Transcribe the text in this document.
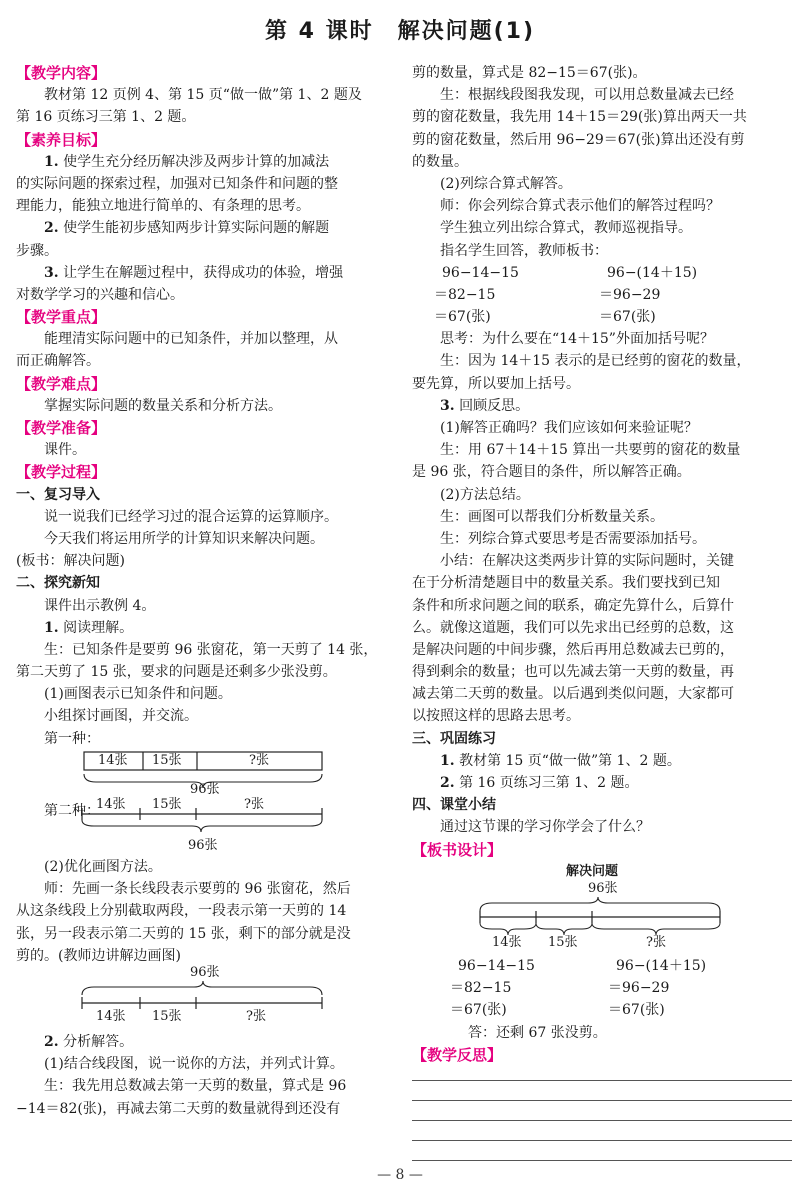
第 4 课时　解决问题(1)
【教学内容】
教材第 12 页例 4、第 15 页“做一做”第 1、2 题及
第 16 页练习三第 1、2 题。
【素养目标】
1. 使学生充分经历解决涉及两步计算的加减法
的实际问题的探索过程，加强对已知条件和问题的整
理能力，能独立地进行简单的、有条理的思考。
2. 使学生能初步感知两步计算实际问题的解题
步骤。
3. 让学生在解题过程中，获得成功的体验，增强
对数学学习的兴趣和信心。
【教学重点】
能理清实际问题中的已知条件，并加以整理，从
而正确解答。
【教学难点】
掌握实际问题的数量关系和分析方法。
【教学准备】
课件。
【教学过程】
一、复习导入
说一说我们已经学习过的混合运算的运算顺序。
今天我们将运用所学的计算知识来解决问题。
(板书：解决问题)
二、探究新知
课件出示教例 4。
1. 阅读理解。
生：已知条件是要剪 96 张窗花，第一天剪了 14 张，
第二天剪了 15 张，要求的问题是还剩多少张没剪。
(1)画图表示已知条件和问题。
小组探讨画图，并交流。
第一种：
14张 15张	?张
96张
第二种：
14张 15张	?张
96张
(2)优化画图方法。
师：先画一条长线段表示要剪的 96 张窗花，然后
从这条线段上分别截取两段，一段表示第一天剪的 14
张，另一段表示第二天剪的 15 张，剩下的部分就是没
剪的。(教师边讲解边画图)
96张
14张 15张	?张
2. 分析解答。
(1)结合线段图，说一说你的方法，并列式计算。
生：我先用总数减去第一天剪的数量，算式是 96
−14＝82(张)，再减去第二天剪的数量就得到还没有
剪的数量，算式是 82−15＝67(张)。
生：根据线段图我发现，可以用总数量减去已经
剪的窗花数量，我先用 14＋15＝29(张)算出两天一共
剪的窗花数量，然后用 96−29＝67(张)算出还没有剪
的数量。
(2)列综合算式解答。
师：你会列综合算式表示他们的解答过程吗？
学生独立列出综合算式，教师巡视指导。
指名学生回答，教师板书：
96−14−15	96−(14＋15)
＝82−15	＝96−29
＝67(张)	＝67(张)
思考：为什么要在“14＋15”外面加括号呢？
生：因为 14＋15 表示的是已经剪的窗花的数量，
要先算，所以要加上括号。
3. 回顾反思。
(1)解答正确吗？我们应该如何来验证呢？
生：用 67＋14＋15 算出一共要剪的窗花的数量
是 96 张，符合题目的条件，所以解答正确。
(2)方法总结。
生：画图可以帮我们分析数量关系。
生：列综合算式要思考是否需要添加括号。
小结：在解决这类两步计算的实际问题时，关键
在于分析清楚题目中的数量关系。我们要找到已知
条件和所求问题之间的联系，确定先算什么，后算什
么。就像这道题，我们可以先求出已经剪的总数，这
是解决问题的中间步骤，然后再用总数减去已剪的，
得到剩余的数量；也可以先减去第一天剪的数量，再
减去第二天剪的数量。以后遇到类似问题，大家都可
以按照这样的思路去思考。
三、巩固练习
1. 教材第 15 页“做一做”第 1、2 题。
2. 第 16 页练习三第 1、2 题。
四、课堂小结
通过这节课的学习你学会了什么？
【板书设计】
解决问题
96张
14张 15张	?张
96−14−15	96−(14＋15)
＝82−15	＝96−29
＝67(张)	＝67(张)
答：还剩 67 张没剪。
【教学反思】
— 8 —
